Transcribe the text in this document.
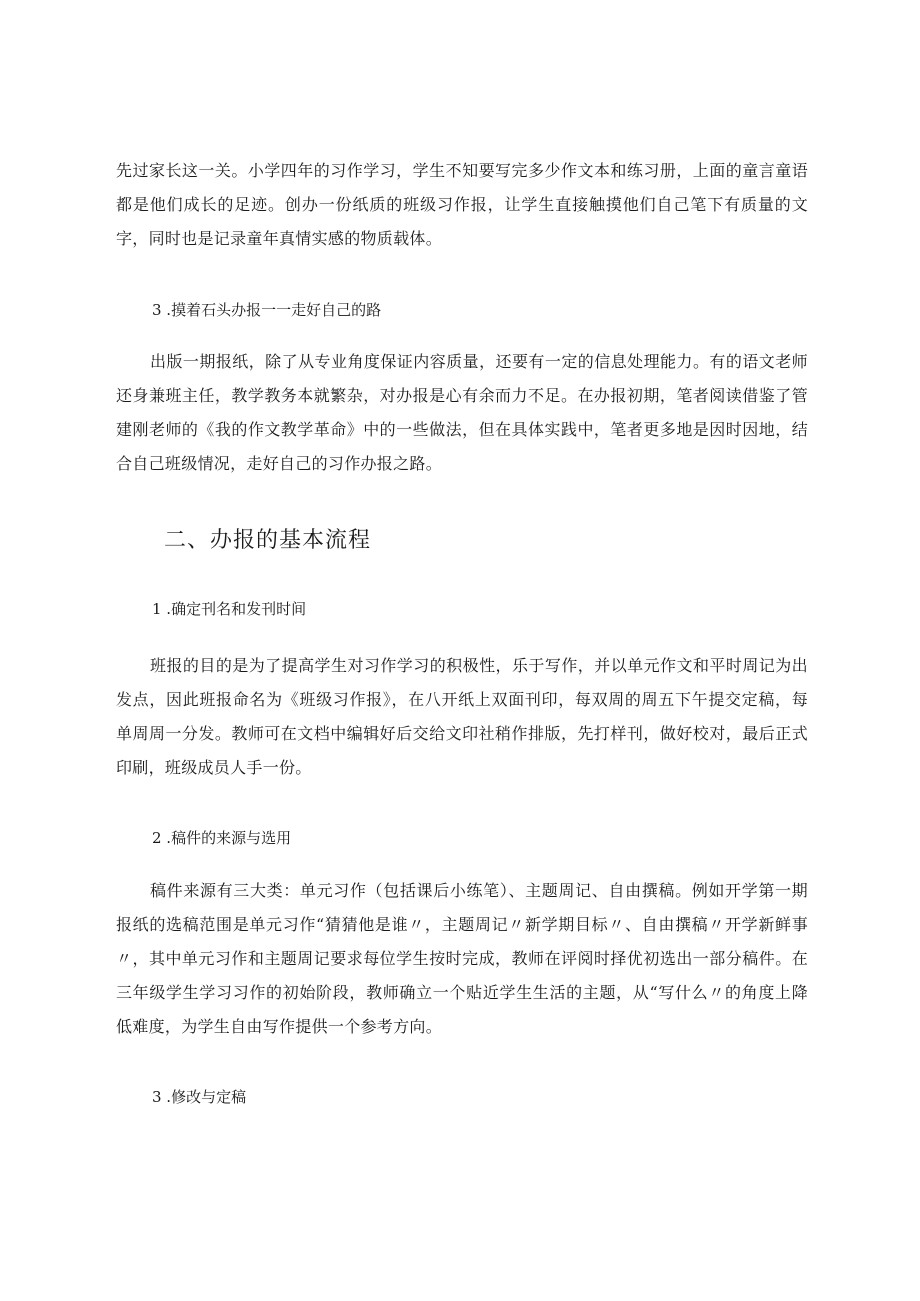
先过家长这一关。小学四年的习作学习，学生不知要写完多少作文本和练习册，上面的童言童语都是他们成长的足迹。创办一份纸质的班级习作报，让学生直接触摸他们自己笔下有质量的文字，同时也是记录童年真情实感的物质载体。

3 .摸着石头办报一一走好自己的路

出版一期报纸，除了从专业角度保证内容质量，还要有一定的信息处理能力。有的语文老师还身兼班主任，教学教务本就繁杂，对办报是心有余而力不足。在办报初期，笔者阅读借鉴了管建刚老师的《我的作文教学革命》中的一些做法，但在具体实践中，笔者更多地是因时因地，结合自己班级情况，走好自己的习作办报之路。

二、办报的基本流程

1 .确定刊名和发刊时间

班报的目的是为了提高学生对习作学习的积极性，乐于写作，并以单元作文和平时周记为出发点，因此班报命名为《班级习作报》，在八开纸上双面刊印，每双周的周五下午提交定稿，每单周周一分发。教师可在文档中编辑好后交给文印社稍作排版，先打样刊，做好校对，最后正式印刷，班级成员人手一份。

2 .稿件的来源与选用

稿件来源有三大类：单元习作（包括课后小练笔）、主题周记、自由撰稿。例如开学第一期报纸的选稿范围是单元习作“猜猜他是谁〃，主题周记〃新学期目标〃、自由撰稿〃开学新鲜事〃，其中单元习作和主题周记要求每位学生按时完成，教师在评阅时择优初选出一部分稿件。在三年级学生学习习作的初始阶段，教师确立一个贴近学生生活的主题，从“写什么〃的角度上降低难度，为学生自由写作提供一个参考方向。

3 .修改与定稿
